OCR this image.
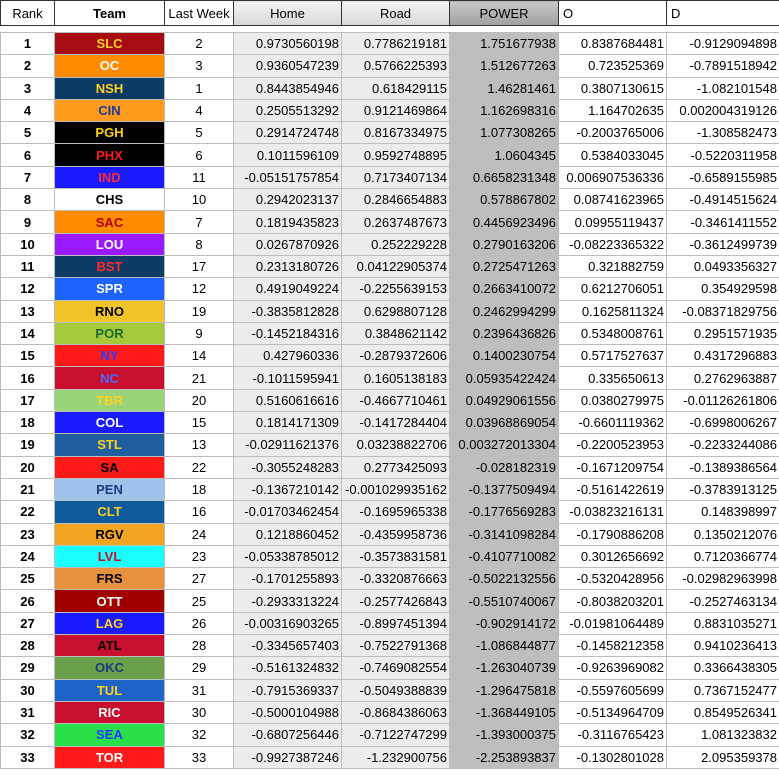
Rank	Team	Last Week	Home	Road	POWER	O	D

1	SLC	2	0.9730560198	0.7786219181	1.751677938	0.8387684481	-0.9129094898
2	OC	3	0.9360547239	0.5766225393	1.512677263	0.723525369	-0.7891518942
3	NSH	1	0.8443854946	0.618429115	1.46281461	0.3807130615	-1.082101548
4	CIN	4	0.2505513292	0.9121469864	1.162698316	1.164702635	0.002004319126
5	PGH	5	0.2914724748	0.8167334975	1.077308265	-0.2003765006	-1.308582473
6	PHX	6	0.1011596109	0.9592748895	1.0604345	0.5384033045	-0.5220311958
7	IND	11	-0.05151757854	0.7173407134	0.6658231348	0.006907536336	-0.6589155985
8	CHS	10	0.2942023137	0.2846654883	0.578867802	0.08741623965	-0.4914515624
9	SAC	7	0.1819435823	0.2637487673	0.4456923496	0.09955119437	-0.3461411552
10	LOU	8	0.0267870926	0.252229228	0.2790163206	-0.08223365322	-0.3612499739
11	BST	17	0.2313180726	0.04122905374	0.2725471263	0.321882759	0.0493356327
12	SPR	12	0.4919049224	-0.2255639153	0.2663410072	0.6212706051	0.354929598
13	RNO	19	-0.3835812828	0.6298807128	0.2462994299	0.1625811324	-0.08371829756
14	POR	9	-0.1452184316	0.3848621142	0.2396436826	0.5348008761	0.2951571935
15	NY	14	0.427960336	-0.2879372606	0.1400230754	0.5717527637	0.4317296883
16	NC	21	-0.1011595941	0.1605138183	0.05935422424	0.335650613	0.2762963887
17	TBR	20	0.5160616616	-0.4667710461	0.04929061556	0.0380279975	-0.01126261806
18	COL	15	0.1814171309	-0.1417284404	0.03968869054	-0.6601119362	-0.6998006267
19	STL	13	-0.02911621376	0.03238822706	0.003272013304	-0.2200523953	-0.2233244086
20	SA	22	-0.3055248283	0.2773425093	-0.028182319	-0.1671209754	-0.1389386564
21	PEN	18	-0.1367210142	-0.001029935162	-0.1377509494	-0.5161422619	-0.3783913125
22	CLT	16	-0.01703462454	-0.1695965338	-0.1776569283	-0.03823216131	0.148398997
23	RGV	24	0.1218860452	-0.4359958736	-0.3141098284	-0.1790886208	0.1350212076
24	LVL	23	-0.05338785012	-0.3573831581	-0.4107710082	0.3012656692	0.7120366774
25	FRS	27	-0.1701255893	-0.3320876663	-0.5022132556	-0.5320428956	-0.02982963998
26	OTT	25	-0.2933313224	-0.2577426843	-0.5510740067	-0.8038203201	-0.2527463134
27	LAG	26	-0.00316903265	-0.8997451394	-0.902914172	-0.01981064489	0.8831035271
28	ATL	28	-0.3345657403	-0.7522791368	-1.086844877	-0.1458212358	0.9410236413
29	OKC	29	-0.5161324832	-0.7469082554	-1.263040739	-0.9263969082	0.3366438305
30	TUL	31	-0.7915369337	-0.5049388839	-1.296475818	-0.5597605699	0.7367152477
31	RIC	30	-0.5000104988	-0.8684386063	-1.368449105	-0.5134964709	0.8549526341
32	SEA	32	-0.6807256446	-0.7122747299	-1.393000375	-0.3116765423	1.081323832
33	TOR	33	-0.9927387246	-1.232900756	-2.253893837	-0.1302801028	2.095359378
